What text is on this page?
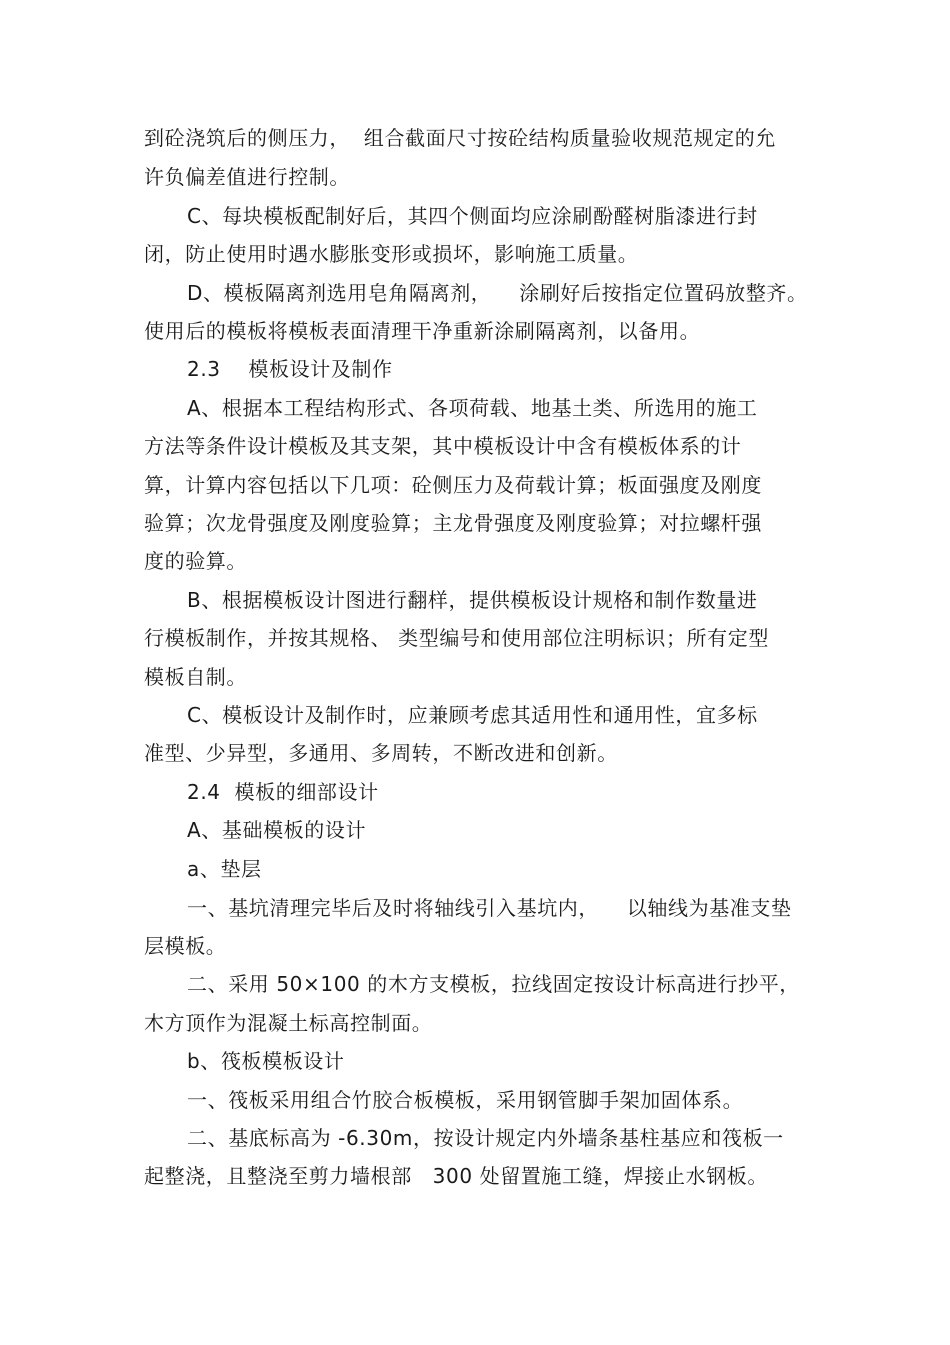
到砼浇筑后的侧压力，  组合截面尺寸按砼结构质量验收规范规定的允
许负偏差值进行控制。
C、每块模板配制好后，其四个侧面均应涂刷酚醛树脂漆进行封
闭，防止使用时遇水膨胀变形或损坏，影响施工质量。
D、模板隔离剂选用皂角隔离剂，    涂刷好后按指定位置码放整齐。
使用后的模板将模板表面清理干净重新涂刷隔离剂，以备用。
2.3    模板设计及制作
A、根据本工程结构形式、各项荷载、地基土类、所选用的施工
方法等条件设计模板及其支架，其中模板设计中含有模板体系的计
算，计算内容包括以下几项：砼侧压力及荷载计算；板面强度及刚度
验算；次龙骨强度及刚度验算；主龙骨强度及刚度验算；对拉螺杆强
度的验算。
B、根据模板设计图进行翻样，提供模板设计规格和制作数量进
行模板制作，并按其规格、 类型编号和使用部位注明标识；所有定型
模板自制。
C、模板设计及制作时，应兼顾考虑其适用性和通用性，宜多标
准型、少异型，多通用、多周转，不断改进和创新。
2.4  模板的细部设计
A、基础模板的设计
a、垫层
一、基坑清理完毕后及时将轴线引入基坑内，    以轴线为基准支垫
层模板。
二、采用 50×100 的木方支模板，拉线固定按设计标高进行抄平，
木方顶作为混凝土标高控制面。
b、筏板模板设计
一、筏板采用组合竹胶合板模板，采用钢管脚手架加固体系。
二、基底标高为 -6.30m，按设计规定内外墙条基柱基应和筏板一
起整浇，且整浇至剪力墙根部   300 处留置施工缝，焊接止水钢板。
